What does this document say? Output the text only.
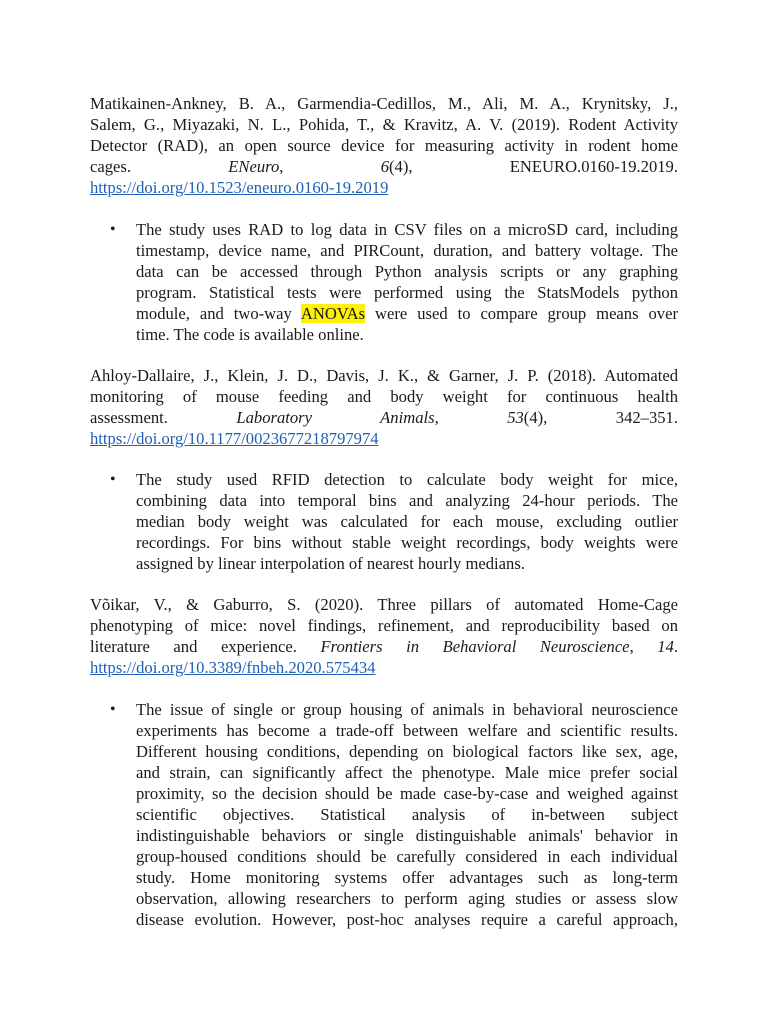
Matikainen-Ankney, B. A., Garmendia-Cedillos, M., Ali, M. A., Krynitsky, J.,
Salem, G., Miyazaki, N. L., Pohida, T., & Kravitz, A. V. (2019). Rodent Activity
Detector (RAD), an open source device for measuring activity in rodent home
cages. ENeuro, 6(4), ENEURO.0160-19.2019.
https://doi.org/10.1523/eneuro.0160-19.2019
•	The study uses RAD to log data in CSV files on a microSD card, including
timestamp, device name, and PIRCount, duration, and battery voltage. The
data can be accessed through Python analysis scripts or any graphing
program. Statistical tests were performed using the StatsModels python
module, and two-way ANOVAs were used to compare group means over
time. The code is available online.
Ahloy-Dallaire, J., Klein, J. D., Davis, J. K., & Garner, J. P. (2018). Automated
monitoring of mouse feeding and body weight for continuous health
assessment. Laboratory Animals, 53(4), 342–351.
https://doi.org/10.1177/0023677218797974
•	The study used RFID detection to calculate body weight for mice,
combining data into temporal bins and analyzing 24-hour periods. The
median body weight was calculated for each mouse, excluding outlier
recordings. For bins without stable weight recordings, body weights were
assigned by linear interpolation of nearest hourly medians.
Võikar, V., & Gaburro, S. (2020). Three pillars of automated Home-Cage
phenotyping of mice: novel findings, refinement, and reproducibility based on
literature and experience. Frontiers in Behavioral Neuroscience, 14.
https://doi.org/10.3389/fnbeh.2020.575434
•	The issue of single or group housing of animals in behavioral neuroscience
experiments has become a trade-off between welfare and scientific results.
Different housing conditions, depending on biological factors like sex, age,
and strain, can significantly affect the phenotype. Male mice prefer social
proximity, so the decision should be made case-by-case and weighed against
scientific objectives. Statistical analysis of in-between subject
indistinguishable behaviors or single distinguishable animals' behavior in
group-housed conditions should be carefully considered in each individual
study. Home monitoring systems offer advantages such as long-term
observation, allowing researchers to perform aging studies or assess slow
disease evolution. However, post-hoc analyses require a careful approach,
